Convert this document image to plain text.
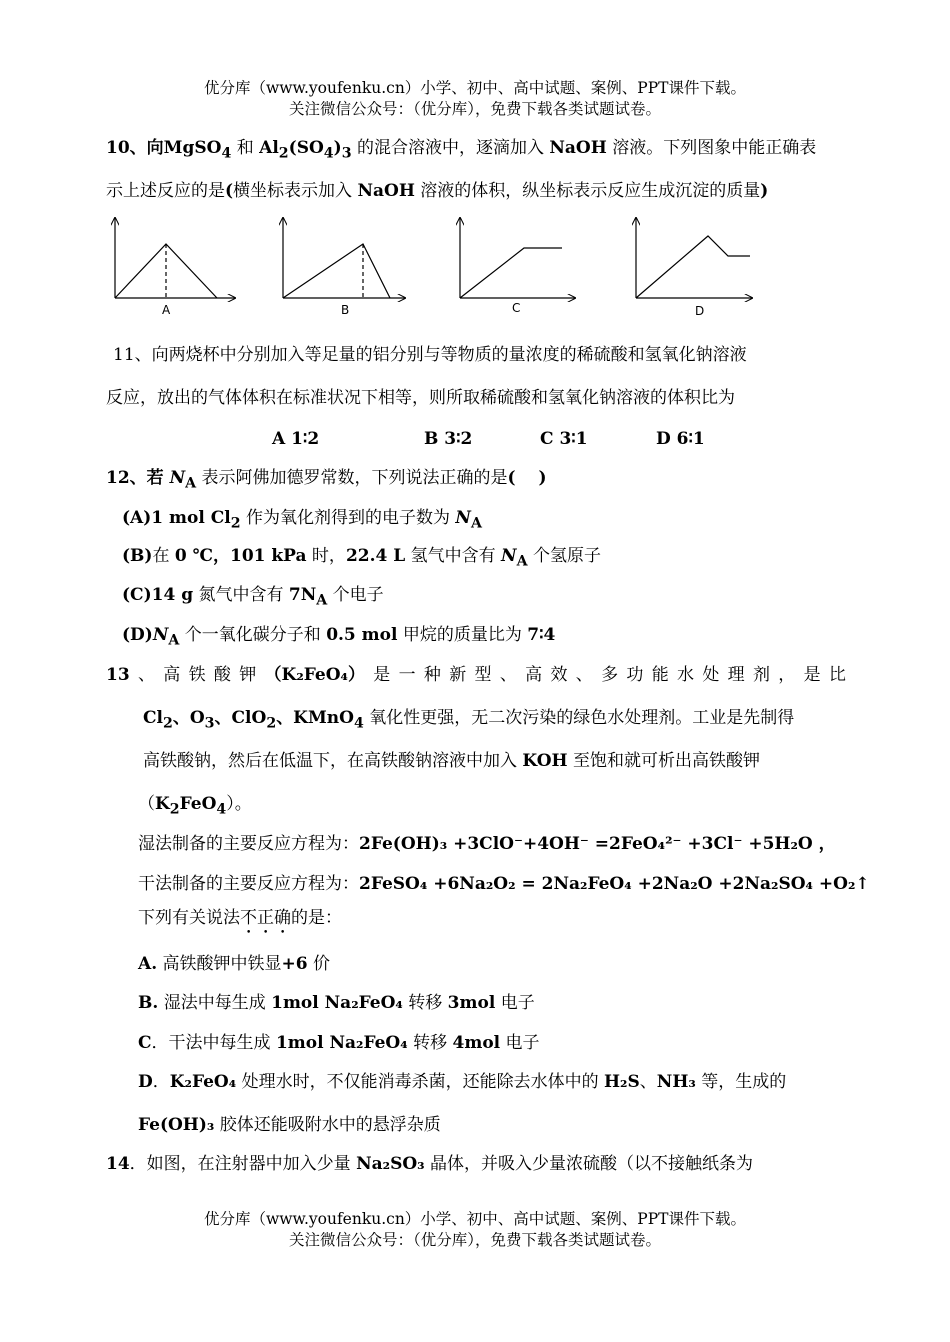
优分库（www.youfenku.cn）小学、初中、高中试题、案例、PPT课件下载。
关注微信公众号：（优分库），免费下载各类试题试卷。
10、向MgSO$_4$ 和 $Al_2(SO_4)_3$ 的混合溶液中，逐滴加入 NaOH 溶液。下列图象中能正确表
示上述反应的是(横坐标表示加入 NaOH 溶液的体积，纵坐标表示反应生成沉淀的质量)
A	B	C	D
11、向两烧杯中分别加入等足量的铝分别与等物质的量浓度的稀硫酸和氢氧化钠溶液
反应，放出的气体体积在标准状况下相等，则所取稀硫酸和氢氧化钠溶液的体积比为
A 1∶2	B 3∶2	C 3∶1	D 6∶1
12、若 $N_A$ 表示阿佛加德罗常数，下列说法正确的是(　 )
(A)1 mol $Cl_2$ 作为氧化剂得到的电子数为 $N_A$
(B)在 0 ℃，101 kPa 时，22.4 L 氢气中含有 $N_A$ 个氢原子
(C)14 g 氮气中含有 $7N_A$ 个电子
$(D)N_A$ 个一氧化碳分子和 0.5 mol 甲烷的质量比为 7∶4
13 、 高 铁 酸 钾 （K₂FeO₄） 是 一 种 新 型 、 高 效 、 多 功 能 水 处 理 剂 ， 是 比
$Cl_2$、$O_3$、ClO$_2$、KMnO$_4$ 氧化性更强，无二次污染的绿色水处理剂。工业是先制得
高铁酸钠，然后在低温下，在高铁酸钠溶液中加入 KOH 至饱和就可析出高铁酸钾
$(K_2FeO_4)$。
湿法制备的主要反应方程为：2Fe(OH)₃ +3ClO⁻+4OH⁻ =2FeO₄²⁻ +3Cl⁻ +5H₂O ，
干法制备的主要反应方程为：2FeSO₄ +6Na₂O₂ = 2Na₂FeO₄ +2Na₂O +2Na₂SO₄ +O₂↑
下列有关说法不正确的是：
A. 高铁酸钾中铁显+6 价
B. 湿法中每生成 1mol Na₂FeO₄ 转移 3mol 电子
C．干法中每生成 1mol Na₂FeO₄ 转移 4mol 电子
D．K₂FeO₄ 处理水时，不仅能消毒杀菌，还能除去水体中的 H₂S、NH₃ 等，生成的
Fe(OH)₃ 胶体还能吸附水中的悬浮杂质
14．如图，在注射器中加入少量 Na₂SO₃ 晶体，并吸入少量浓硫酸（以不接触纸条为
优分库（www.youfenku.cn）小学、初中、高中试题、案例、PPT课件下载。
关注微信公众号：（优分库），免费下载各类试题试卷。
